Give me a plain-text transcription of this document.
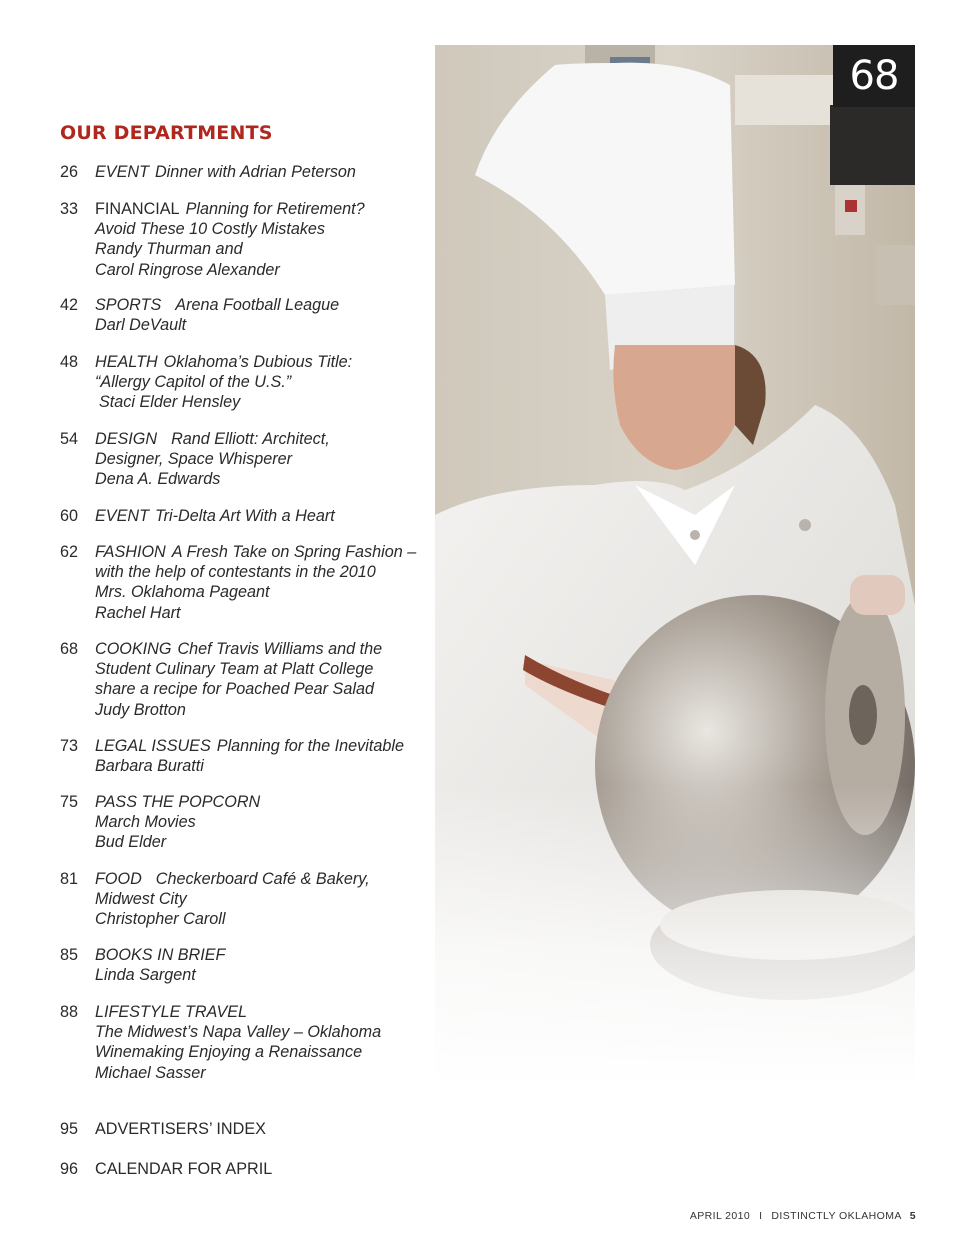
OUR DEPARTMENTS
26	EVENT Dinner with Adrian Peterson
33	FINANCIAL Planning for Retirement?
Avoid These 10 Costly Mistakes
Randy Thurman and
Carol Ringrose Alexander
42	SPORTS Arena Football League
Darl DeVault
48	HEALTH Oklahoma’s Dubious Title:
“Allergy Capitol of the U.S.”
Staci Elder Hensley
54	DESIGN Rand Elliott: Architect,
Designer, Space Whisperer
Dena A. Edwards
60	EVENT Tri-Delta Art With a Heart
62	FASHION A Fresh Take on Spring Fashion –
with the help of contestants in the 2010
Mrs. Oklahoma Pageant
Rachel Hart
68	COOKING Chef Travis Williams and the
Student Culinary Team at Platt College
share a recipe for Poached Pear Salad
Judy Brotton
73	LEGAL ISSUES Planning for the Inevitable
Barbara Buratti
75	PASS THE POPCORN
March Movies
Bud Elder
81	FOOD Checkerboard Café & Bakery,
Midwest City
Christopher Caroll
85	BOOKS IN BRIEF
Linda Sargent
88	LIFESTYLE TRAVEL
The Midwest’s Napa Valley – Oklahoma
Winemaking Enjoying a Renaissance
Michael Sasser
95	ADVERTISERS’ INDEX
96	CALENDAR FOR APRIL
68
APRIL 2010 I DISTINCTLY OKLAHOMA 5
